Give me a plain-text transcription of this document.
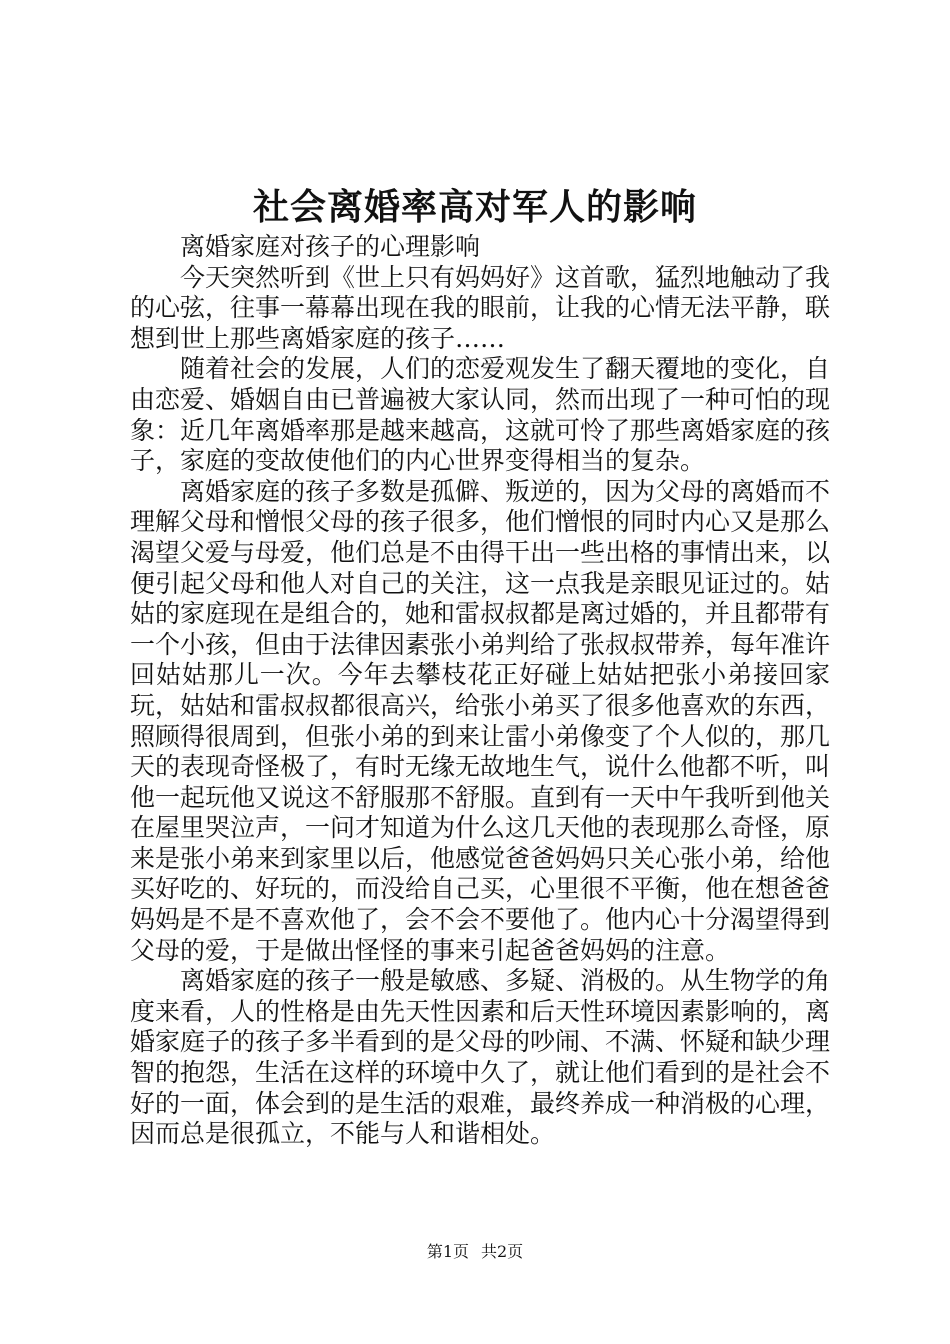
社会离婚率高对军人的影响

离婚家庭对孩子的心理影响

今天突然听到《世上只有妈妈好》这首歌，猛烈地触动了我的心弦，往事一幕幕出现在我的眼前，让我的心情无法平静，联想到世上那些离婚家庭的孩子……

随着社会的发展，人们的恋爱观发生了翻天覆地的变化，自由恋爱、婚姻自由已普遍被大家认同，然而出现了一种可怕的现象：近几年离婚率那是越来越高，这就可怜了那些离婚家庭的孩子，家庭的变故使他们的内心世界变得相当的复杂。

离婚家庭的孩子多数是孤僻、叛逆的，因为父母的离婚而不理解父母和憎恨父母的孩子很多，他们憎恨的同时内心又是那么渴望父爱与母爱，他们总是不由得干出一些出格的事情出来，以便引起父母和他人对自己的关注，这一点我是亲眼见证过的。姑姑的家庭现在是组合的，她和雷叔叔都是离过婚的，并且都带有一个小孩，但由于法律因素张小弟判给了张叔叔带养，每年准许回姑姑那儿一次。今年去攀枝花正好碰上姑姑把张小弟接回家玩，姑姑和雷叔叔都很高兴，给张小弟买了很多他喜欢的东西，照顾得很周到，但张小弟的到来让雷小弟像变了个人似的，那几天的表现奇怪极了，有时无缘无故地生气，说什么他都不听，叫他一起玩他又说这不舒服那不舒服。直到有一天中午我听到他关在屋里哭泣声，一问才知道为什么这几天他的表现那么奇怪，原来是张小弟来到家里以后，他感觉爸爸妈妈只关心张小弟，给他买好吃的、好玩的，而没给自己买，心里很不平衡，他在想爸爸妈妈是不是不喜欢他了，会不会不要他了。他内心十分渴望得到父母的爱，于是做出怪怪的事来引起爸爸妈妈的注意。

离婚家庭的孩子一般是敏感、多疑、消极的。从生物学的角度来看，人的性格是由先天性因素和后天性环境因素影响的，离婚家庭子的孩子多半看到的是父母的吵闹、不满、怀疑和缺少理智的抱怨，生活在这样的环境中久了，就让他们看到的是社会不好的一面，体会到的是生活的艰难，最终养成一种消极的心理，因而总是很孤立，不能与人和谐相处。

第1页 共2页
